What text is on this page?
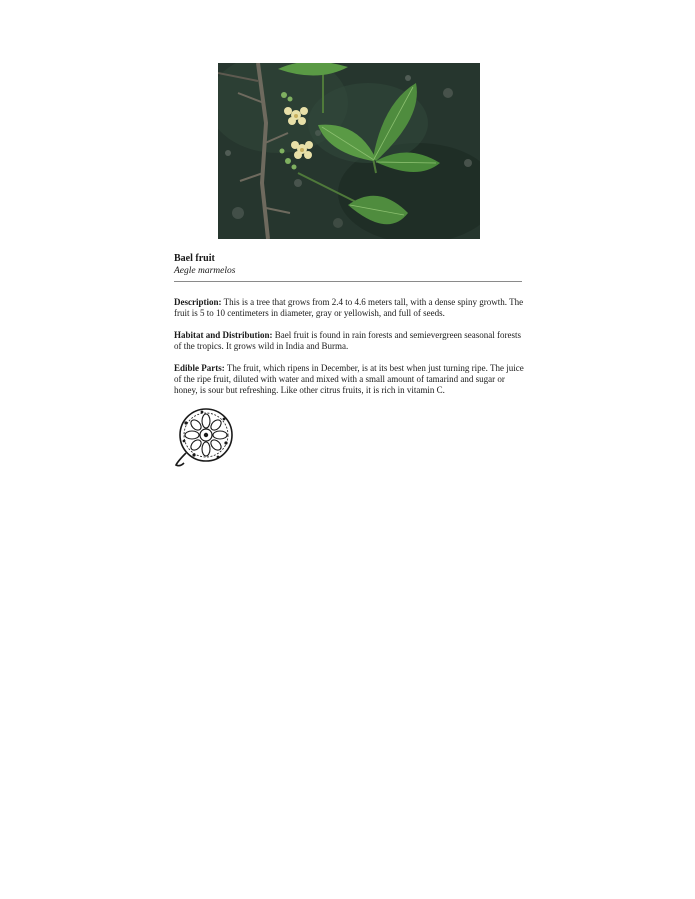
Bael fruit
Aegle marmelos

Description: This is a tree that grows from 2.4 to 4.6 meters tall, with a dense spiny growth. The fruit is 5 to 10 centimeters in diameter, gray or yellowish, and full of seeds.

Habitat and Distribution: Bael fruit is found in rain forests and semievergreen seasonal forests of the tropics. It grows wild in India and Burma.

Edible Parts: The fruit, which ripens in December, is at its best when just turning ripe. The juice of the ripe fruit, diluted with water and mixed with a small amount of tamarind and sugar or honey, is sour but refreshing. Like other citrus fruits, it is rich in vitamin C.
